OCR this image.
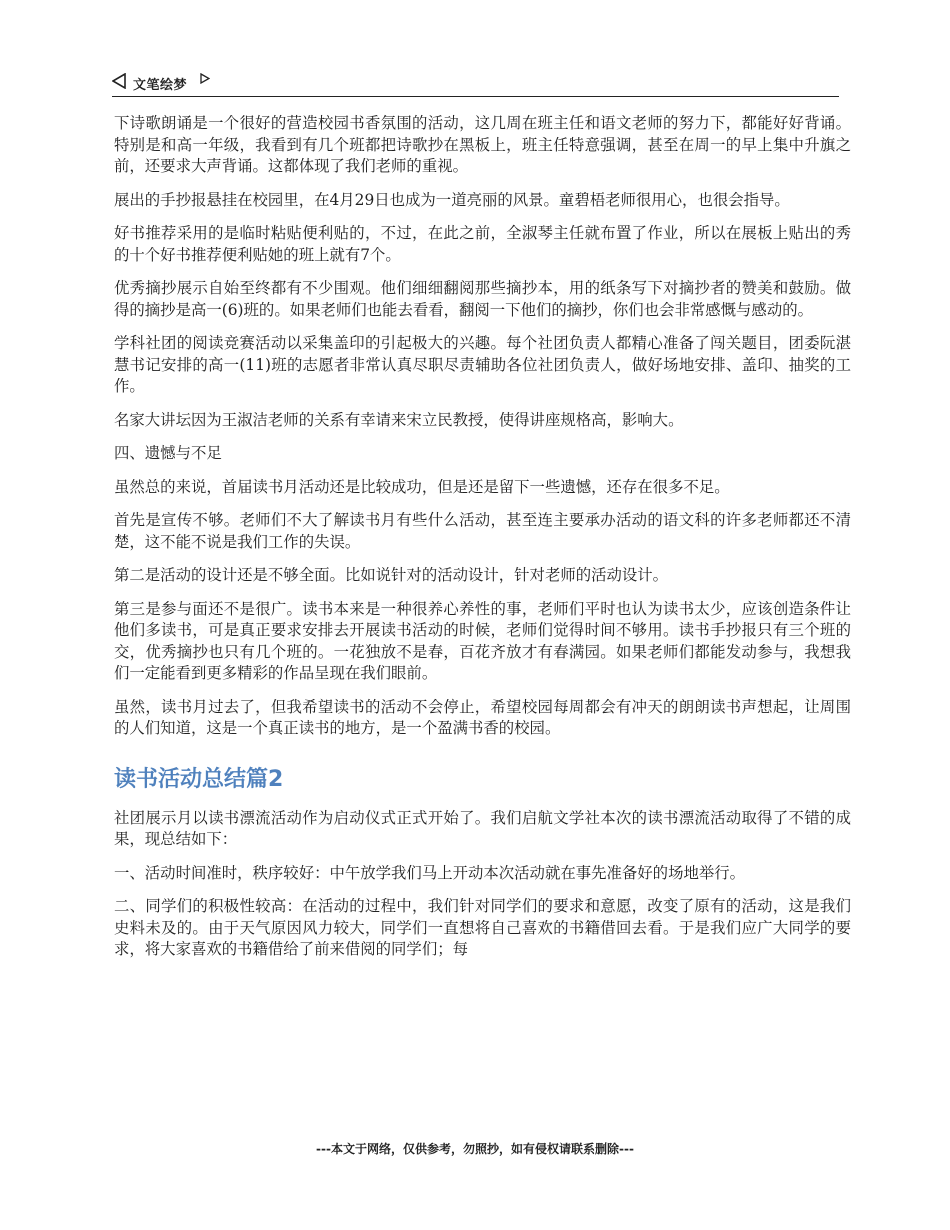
文笔绘梦

下诗歌朗诵是一个很好的营造校园书香氛围的活动，这几周在班主任和语文老师的努力下，都能好好背诵。特别是和高一年级，我看到有几个班都把诗歌抄在黑板上，班主任特意强调，甚至在周一的早上集中升旗之前，还要求大声背诵。这都体现了我们老师的重视。

展出的手抄报悬挂在校园里，在4月29日也成为一道亮丽的风景。童碧梧老师很用心，也很会指导。

好书推荐采用的是临时粘贴便利贴的，不过，在此之前，全淑琴主任就布置了作业，所以在展板上贴出的秀的十个好书推荐便利贴她的班上就有7个。

优秀摘抄展示自始至终都有不少围观。他们细细翻阅那些摘抄本，用的纸条写下对摘抄者的赞美和鼓励。做得的摘抄是高一(6)班的。如果老师们也能去看看，翻阅一下他们的摘抄，你们也会非常感慨与感动的。

学科社团的阅读竞赛活动以采集盖印的引起极大的兴趣。每个社团负责人都精心准备了闯关题目，团委阮湛慧书记安排的高一(11)班的志愿者非常认真尽职尽责辅助各位社团负责人，做好场地安排、盖印、抽奖的工作。

名家大讲坛因为王淑洁老师的关系有幸请来宋立民教授，使得讲座规格高，影响大。

四、遗憾与不足

虽然总的来说，首届读书月活动还是比较成功，但是还是留下一些遗憾，还存在很多不足。

首先是宣传不够。老师们不大了解读书月有些什么活动，甚至连主要承办活动的语文科的许多老师都还不清楚，这不能不说是我们工作的失误。

第二是活动的设计还是不够全面。比如说针对的活动设计，针对老师的活动设计。

第三是参与面还不是很广。读书本来是一种很养心养性的事，老师们平时也认为读书太少，应该创造条件让他们多读书，可是真正要求安排去开展读书活动的时候，老师们觉得时间不够用。读书手抄报只有三个班的交，优秀摘抄也只有几个班的。一花独放不是春，百花齐放才有春满园。如果老师们都能发动参与，我想我们一定能看到更多精彩的作品呈现在我们眼前。

虽然，读书月过去了，但我希望读书的活动不会停止，希望校园每周都会有冲天的朗朗读书声想起，让周围的人们知道，这是一个真正读书的地方，是一个盈满书香的校园。

读书活动总结篇2

社团展示月以读书漂流活动作为启动仪式正式开始了。我们启航文学社本次的读书漂流活动取得了不错的成果，现总结如下：

一、活动时间准时，秩序较好：中午放学我们马上开动本次活动就在事先准备好的场地举行。

二、同学们的积极性较高：在活动的过程中，我们针对同学们的要求和意愿，改变了原有的活动，这是我们史料未及的。由于天气原因风力较大，同学们一直想将自己喜欢的书籍借回去看。于是我们应广大同学的要求，将大家喜欢的书籍借给了前来借阅的同学们；每

---本文于网络，仅供参考，勿照抄，如有侵权请联系删除---
